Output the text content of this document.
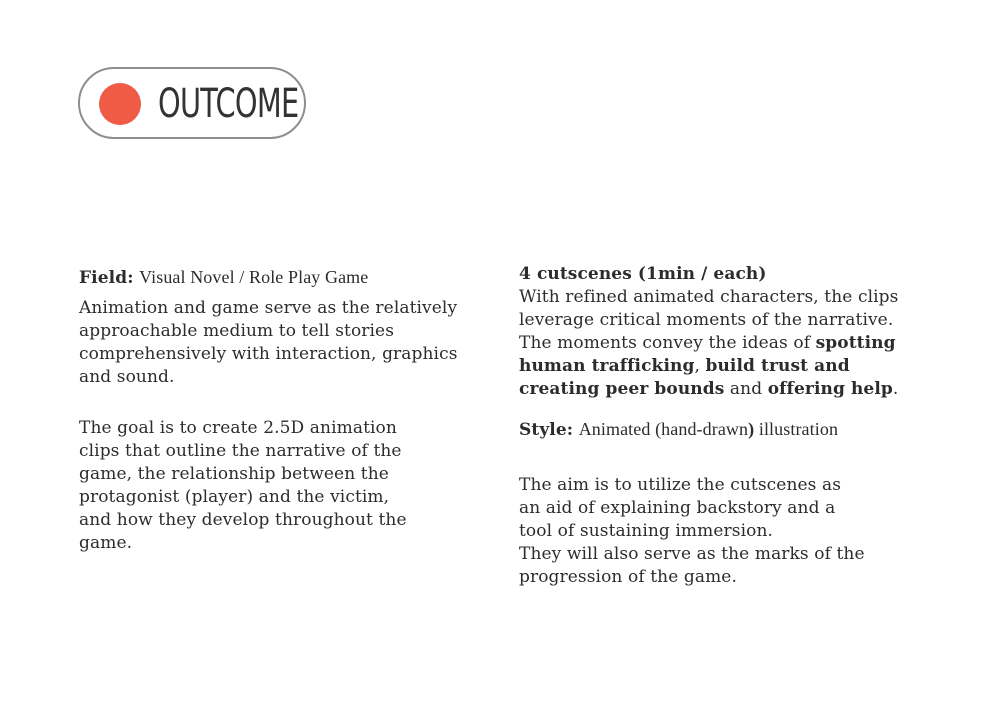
OUTCOME

Field: Visual Novel / Role Play Game

Animation and game serve as the relatively
approachable medium to tell stories
comprehensively with interaction, graphics
and sound.

The goal is to create 2.5D animation
clips that outline the narrative of the
game, the relationship between the
protagonist (player) and the victim,
and how they develop throughout the
game.

4 cutscenes (1min / each)
With refined animated characters, the clips
leverage critical moments of the narrative.
The moments convey the ideas of spotting
human trafficking, build trust and
creating peer bounds and offering help.

Style: Animated (hand-drawn) illustration

The aim is to utilize the cutscenes as
an aid of explaining backstory and a
tool of sustaining immersion.
They will also serve as the marks of the
progression of the game.
